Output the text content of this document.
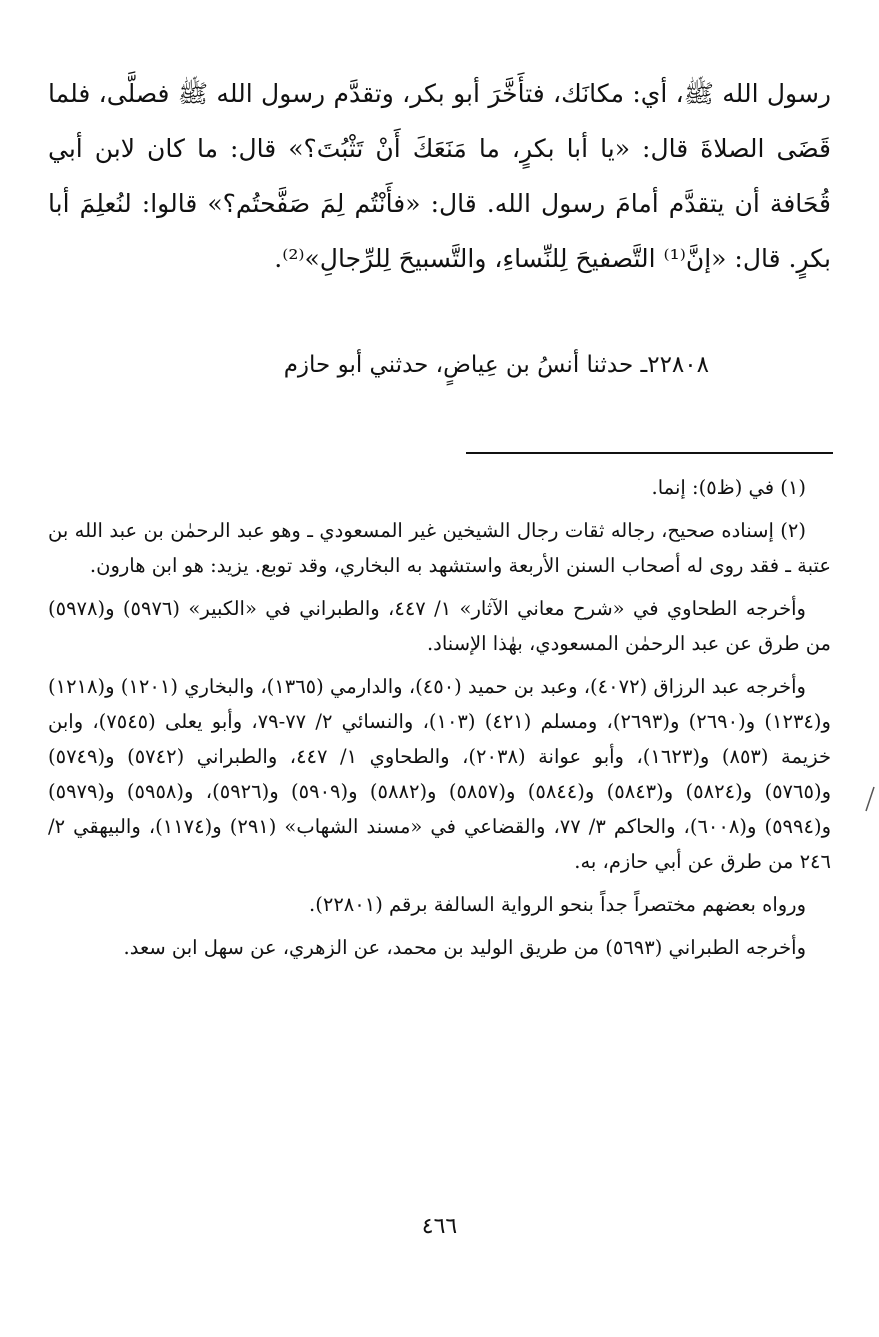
رسول الله ﷺ، أي: مكانَك، فتأَخَّرَ أبو بكر، وتقدَّم رسول الله ﷺ فصلَّى، فلما قَضَى الصلاةَ قال: «يا أبا بكرٍ، ما مَنَعَكَ أَنْ تَثْبُتَ؟» قال: ما كان لابن أبي قُحَافة أن يتقدَّم أمامَ رسول الله. قال: «فأَنْتُم لِمَ صَفَّحتُم؟» قالوا: لنُعلِمَ أبا بكرٍ. قال: «إنَّ⁽¹⁾ التَّصفيحَ لِلنِّساءِ، والتَّسبيحَ لِلرِّجالِ»⁽²⁾.

٢٢٨٠٨ـ حدثنا أنسُ بن عِياضٍ، حدثني أبو حازم

(١) في (ظ٥): إنما.

(٢) إسناده صحيح، رجاله ثقات رجال الشيخين غير المسعودي ـ وهو عبد الرحمٰن بن عبد الله بن عتبة ـ فقد روى له أصحاب السنن الأربعة واستشهد به البخاري، وقد توبع. يزيد: هو ابن هارون.

وأخرجه الطحاوي في «شرح معاني الآثار» ١/ ٤٤٧، والطبراني في «الكبير» (٥٩٧٦) و(٥٩٧٨) من طرق عن عبد الرحمٰن المسعودي، بهٰذا الإسناد.

وأخرجه عبد الرزاق (٤٠٧٢)، وعبد بن حميد (٤٥٠)، والدارمي (١٣٦٥)، والبخاري (١٢٠١) و(١٢١٨) و(١٢٣٤) و(٢٦٩٠) و(٢٦٩٣)، ومسلم (٤٢١) (١٠٣)، والنسائي ٢/ ٧٧-٧٩، وأبو يعلى (٧٥٤٥)، وابن خزيمة (٨٥٣) و(١٦٢٣)، وأبو عوانة (٢٠٣٨)، والطحاوي ١/ ٤٤٧، والطبراني (٥٧٤٢) و(٥٧٤٩) و(٥٧٦٥) و(٥٨٢٤) و(٥٨٤٣) و(٥٨٤٤) و(٥٨٥٧) و(٥٨٨٢) و(٥٩٠٩) و(٥٩٢٦)، و(٥٩٥٨) و(٥٩٧٩) و(٥٩٩٤) و(٦٠٠٨)، والحاكم ٣/ ٧٧، والقضاعي في «مسند الشهاب» (٢٩١) و(١١٧٤)، والبيهقي ٢/ ٢٤٦ من طرق عن أبي حازم، به.

ورواه بعضهم مختصراً جداً بنحو الرواية السالفة برقم (٢٢٨٠١).

وأخرجه الطبراني (٥٦٩٣) من طريق الوليد بن محمد، عن الزهري، عن سهل ابن سعد.

٤٦٦
